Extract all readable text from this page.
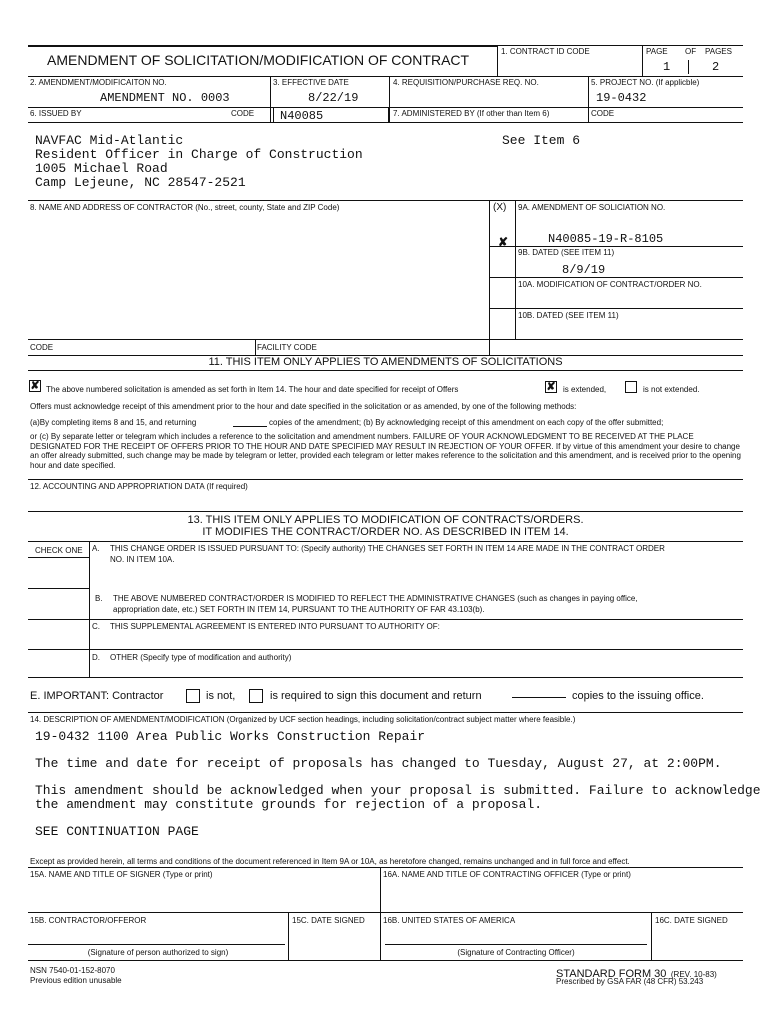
AMENDMENT OF SOLICITATION/MODIFICATION OF CONTRACT
1. CONTRACT ID CODE	PAGE OF PAGES
1	2
2. AMENDMENT/MODIFICAITON NO.
AMENDMENT NO. 0003
3. EFFECTIVE DATE
8/22/19
4. REQUISITION/PURCHASE REQ. NO.	5. PROJECT NO. (If applicble)
19-0432
6. ISSUED BY	CODE N40085	7. ADMINISTERED BY (If other than Item 6)	CODE
NAVFAC Mid-Atlantic
Resident Officer in Charge of Construction
1005 Michael Road
Camp Lejeune, NC 28547-2521
See Item 6
8. NAME AND ADDRESS OF CONTRACTOR (No., street, county, State and ZIP Code)	(X) 9A. AMENDMENT OF SOLICIATION NO.
✘	N40085-19-R-8105
9B. DATED (SEE ITEM 11)
8/9/19
10A. MODIFICATION OF CONTRACT/ORDER NO.
10B. DATED (SEE ITEM 11)
CODE	FACILITY CODE
11. THIS ITEM ONLY APPLIES TO AMENDMENTS OF SOLICITATIONS
✘ The above numbered solicitation is amended as set forth in Item 14. The hour and date specified for receipt of Offers	✘ is extended,	is not extended.
Offers must acknowledge receipt of this amendment prior to the hour and date specified in the solicitation or as amended, by one of the following methods:
(a)By completing items 8 and 15, and returning	copies of the amendment; (b) By acknowledging receipt of this amendment on each copy of the offer submitted;
or (c) By separate letter or telegram which includes a reference to the solicitation and amendment numbers. FAILURE OF YOUR ACKNOWLEDGMENT TO BE RECEIVED AT THE PLACE DESIGNATED FOR THE RECEIPT OF OFFERS PRIOR TO THE HOUR AND DATE SPECIFIED MAY RESULT IN REJECTION OF YOUR OFFER. If by virtue of this amendment your desire to change an offer already submitted, such change may be made by telegram or letter, provided each telegram or letter makes reference to the solicitation and this amendment, and is received prior to the opening hour and date specified.
12. ACCOUNTING AND APPROPRIATION DATA (If required)
13. THIS ITEM ONLY APPLIES TO MODIFICATION OF CONTRACTS/ORDERS.
IT MODIFIES THE CONTRACT/ORDER NO. AS DESCRIBED IN ITEM 14.
CHECK ONE A. THIS CHANGE ORDER IS ISSUED PURSUANT TO: (Specify authority) THE CHANGES SET FORTH IN ITEM 14 ARE MADE IN THE CONTRACT ORDER
NO. IN ITEM 10A.
B. THE ABOVE NUMBERED CONTRACT/ORDER IS MODIFIED TO REFLECT THE ADMINISTRATIVE CHANGES (such as changes in paying office,
appropriation date, etc.) SET FORTH IN ITEM 14, PURSUANT TO THE AUTHORITY OF FAR 43.103(b).
C. THIS SUPPLEMENTAL AGREEMENT IS ENTERED INTO PURSUANT TO AUTHORITY OF:
D. OTHER (Specify type of modification and authority)
E. IMPORTANT: Contractor	is not,	is required to sign this document and return	copies to the issuing office.
14. DESCRIPTION OF AMENDMENT/MODIFICATION (Organized by UCF section headings, including solicitation/contract subject matter where feasible.)
19-0432 1100 Area Public Works Construction Repair
The time and date for receipt of proposals has changed to Tuesday, August 27, at 2:00PM.
This amendment should be acknowledged when your proposal is submitted. Failure to acknowledge
the amendment may constitute grounds for rejection of a proposal.
SEE CONTINUATION PAGE
Except as provided herein, all terms and conditions of the document referenced in Item 9A or 10A, as heretofore changed, remains unchanged and in full force and effect.
15A. NAME AND TITLE OF SIGNER (Type or print)	16A. NAME AND TITLE OF CONTRACTING OFFICER (Type or print)
15B. CONTRACTOR/OFFEROR	15C. DATE SIGNED 16B. UNITED STATES OF AMERICA	16C. DATE SIGNED
(Signature of person authorized to sign)	(Signature of Contracting Officer)
NSN 7540-01-152-8070
Previous edition unusable
STANDARD FORM 30 (REV. 10-83)
Prescribed by GSA FAR (48 CFR) 53.243
